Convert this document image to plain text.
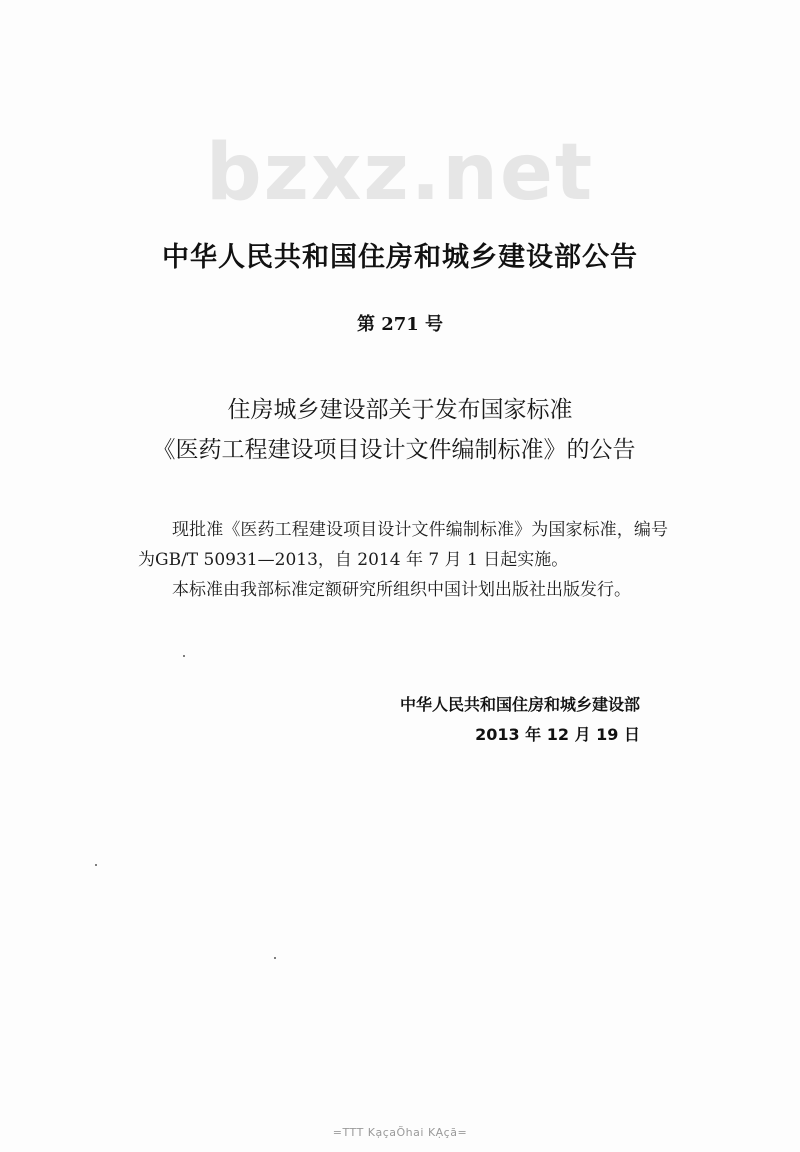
bzxz.net
中华人民共和国住房和城乡建设部公告
第 271 号
住房城乡建设部关于发布国家标准
《医药工程建设项目设计文件编制标准》的公告

现批准《医药工程建设项目设计文件编制标准》为国家标准，编号为GB/T 50931—2013，自 2014 年 7 月 1 日起实施。

本标准由我部标准定额研究所组织中国计划出版社出版发行。

中华人民共和国住房和城乡建设部
2013 年 12 月 19 日
=TTT KạçaÕhai KẠçā=
